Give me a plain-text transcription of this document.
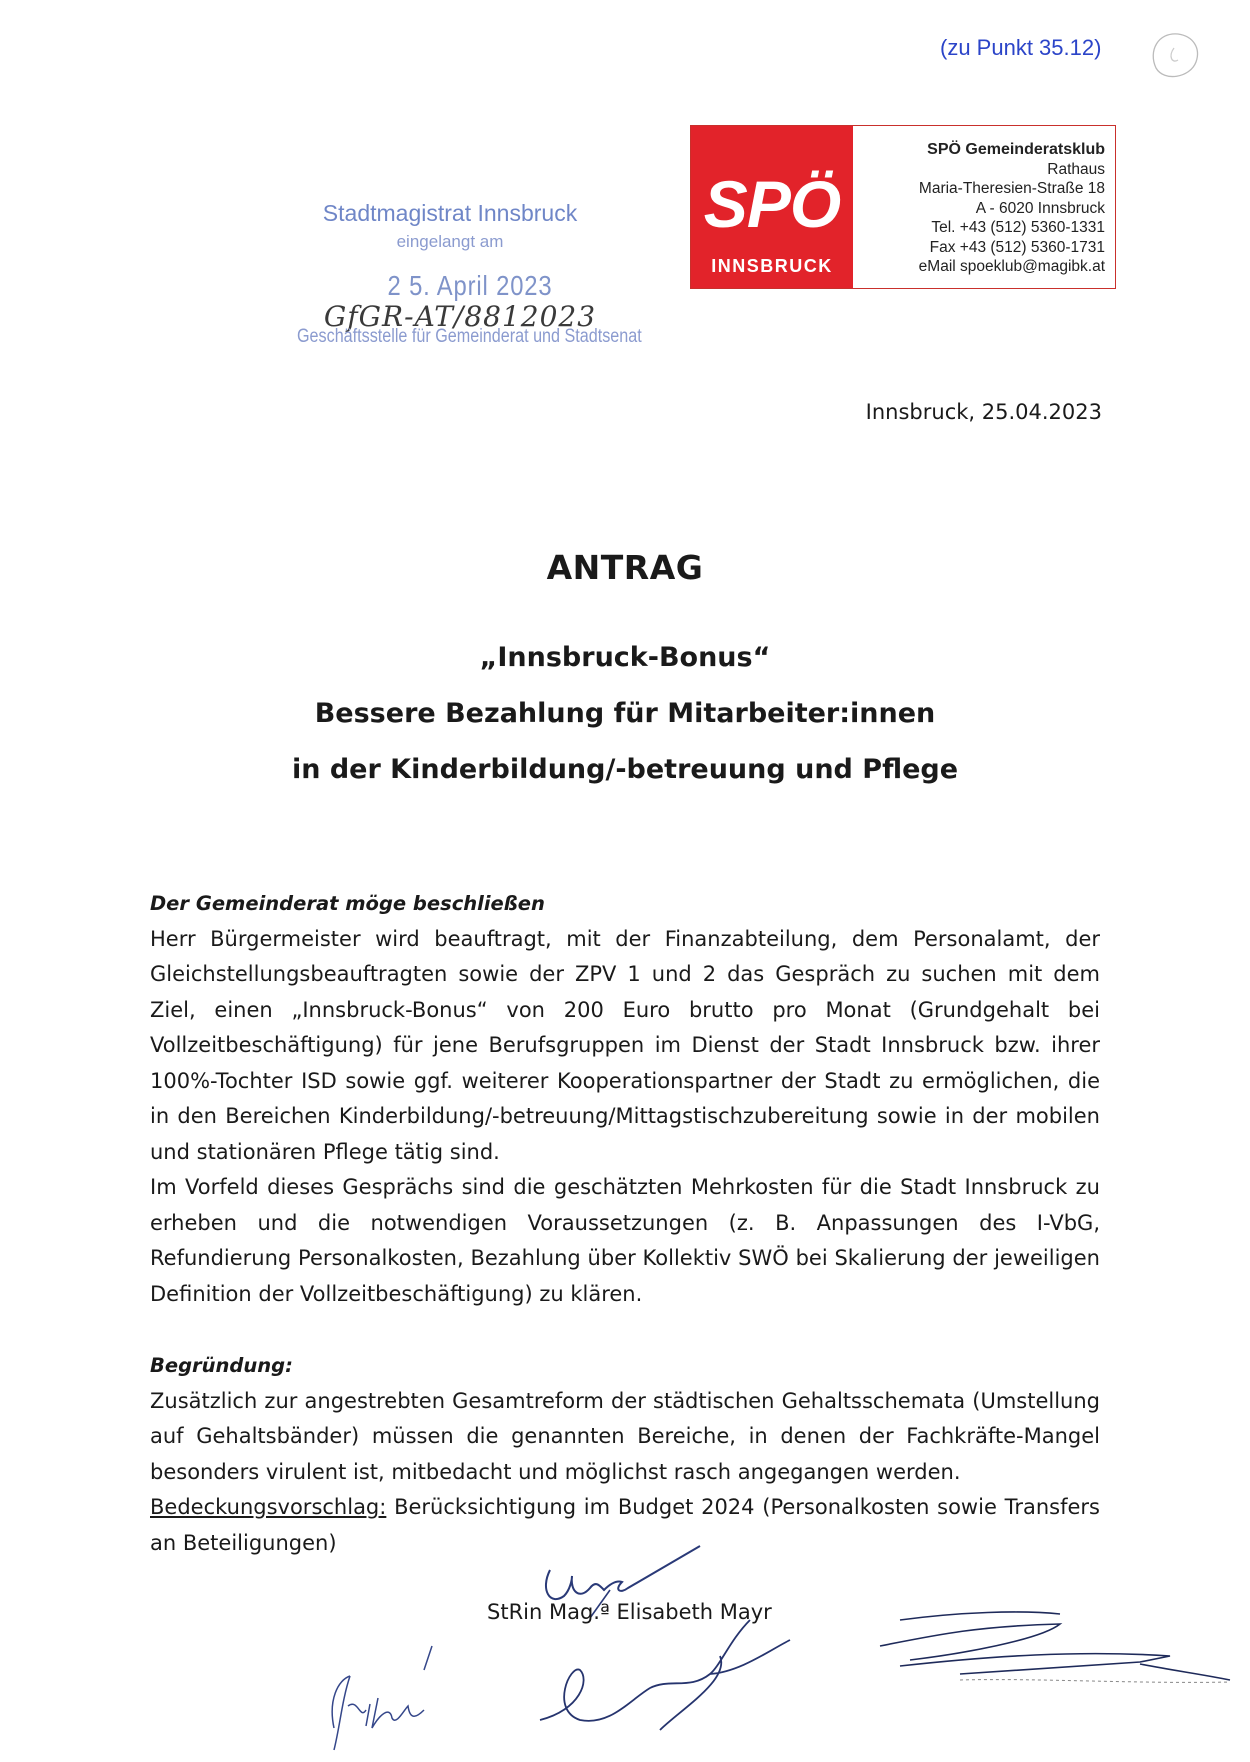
(zu Punkt 35.12)
Stadtmagistrat Innsbruck
eingelangt am
2 5. April 2023
GfGR-AT/8812023
Geschäftsstelle für Gemeinderat und Stadtsenat
SPÖ
INNSBRUCK
SPÖ Gemeinderatsklub
Rathaus
Maria-Theresien-Straße 18
A - 6020 Innsbruck
Tel. +43 (512) 5360-1331
Fax +43 (512) 5360-1731
eMail spoeklub@magibk.at
Innsbruck, 25.04.2023
ANTRAG
„Innsbruck-Bonus“
Bessere Bezahlung für Mitarbeiter:innen
in der Kinderbildung/-betreuung und Pflege
Der Gemeinderat möge beschließen
Herr Bürgermeister wird beauftragt, mit der Finanzabteilung, dem Personalamt, der Gleichstellungsbeauftragten sowie der ZPV 1 und 2 das Gespräch zu suchen mit dem Ziel, einen „Innsbruck-Bonus“ von 200 Euro brutto pro Monat (Grundgehalt bei Vollzeitbeschäftigung) für jene Berufsgruppen im Dienst der Stadt Innsbruck bzw. ihrer 100%-Tochter ISD sowie ggf. weiterer Kooperationspartner der Stadt zu ermöglichen, die in den Bereichen Kinderbildung/-betreuung/Mittagstischzubereitung sowie in der mobilen und stationären Pflege tätig sind.
Im Vorfeld dieses Gesprächs sind die geschätzten Mehrkosten für die Stadt Innsbruck zu erheben und die notwendigen Voraussetzungen (z. B. Anpassungen des I-VbG, Refundierung Personalkosten, Bezahlung über Kollektiv SWÖ bei Skalierung der jeweiligen Definition der Vollzeitbeschäftigung) zu klären.
Begründung:
Zusätzlich zur angestrebten Gesamtreform der städtischen Gehaltsschemata (Umstellung auf Gehaltsbänder) müssen die genannten Bereiche, in denen der Fachkräfte-Mangel besonders virulent ist, mitbedacht und möglichst rasch angegangen werden.
Bedeckungsvorschlag: Berücksichtigung im Budget 2024 (Personalkosten sowie Transfers an Beteiligungen)
StRin Mag.ª Elisabeth Mayr
